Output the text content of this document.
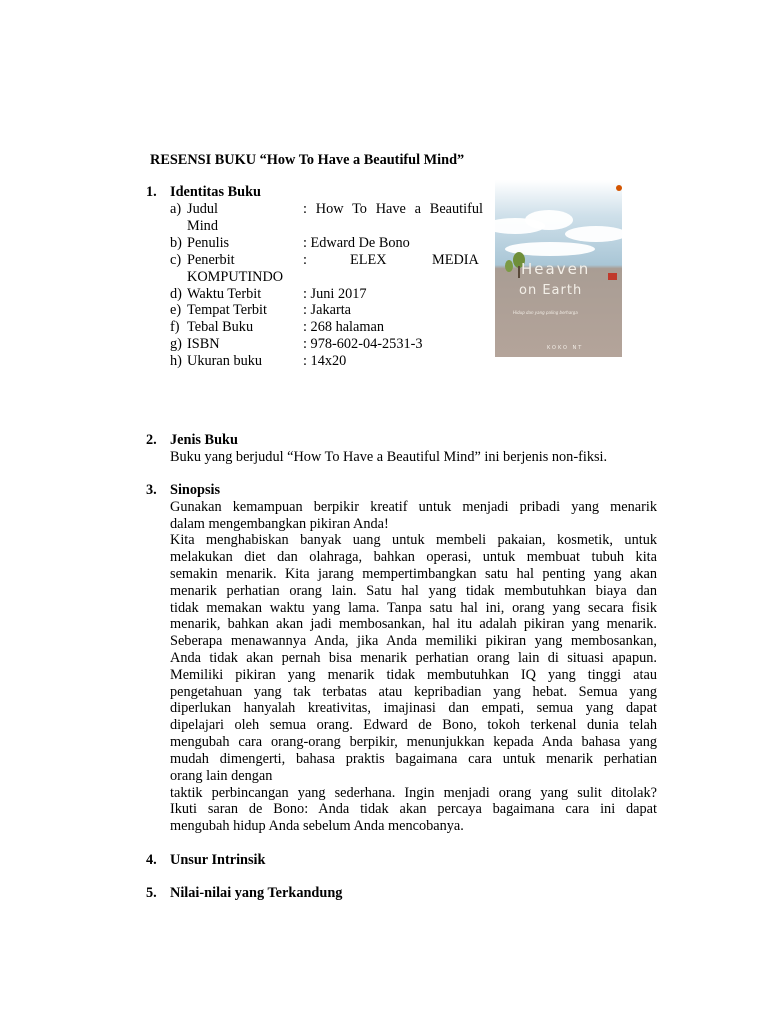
RESENSI BUKU “How To Have a Beautiful Mind”
1. Identitas Buku
a) Judul	: How To Have a Beautiful
Mind
b) Penulis	: Edward De Bono
c) Penerbit	:	ELEX	MEDIA
KOMPUTINDO
d) Waktu Terbit	: Juni 2017
e) Tempat Terbit	: Jakarta
f) Tebal Buku	: 268 halaman
g) ISBN	: 978-602-04-2531-3
h) Ukuran buku	: 14x20
Heaven
on Earth
Hidup dan yang paling berharga
KOKO NT
2. Jenis Buku
Buku yang berjudul “How To Have a Beautiful Mind” ini berjenis non-fiksi.
3. Sinopsis
Gunakan kemampuan berpikir kreatif untuk menjadi pribadi yang menarik
dalam mengembangkan pikiran Anda!
Kita menghabiskan banyak uang untuk membeli pakaian, kosmetik, untuk
melakukan diet dan olahraga, bahkan operasi, untuk membuat tubuh kita
semakin menarik. Kita jarang mempertimbangkan satu hal penting yang akan
menarik perhatian orang lain. Satu hal yang tidak membutuhkan biaya dan
tidak memakan waktu yang lama. Tanpa satu hal ini, orang yang secara fisik
menarik, bahkan akan jadi membosankan, hal itu adalah pikiran yang menarik.
Seberapa menawannya Anda, jika Anda memiliki pikiran yang membosankan,
Anda tidak akan pernah bisa menarik perhatian orang lain di situasi apapun.
Memiliki pikiran yang menarik tidak membutuhkan IQ yang tinggi atau
pengetahuan yang tak terbatas atau kepribadian yang hebat. Semua yang
diperlukan hanyalah kreativitas, imajinasi dan empati, semua yang dapat
dipelajari oleh semua orang. Edward de Bono, tokoh terkenal dunia telah
mengubah cara orang-orang berpikir, menunjukkan kepada Anda bahasa yang
mudah dimengerti, bahasa praktis bagaimana cara untuk menarik perhatian
orang lain dengan
taktik perbincangan yang sederhana. Ingin menjadi orang yang sulit ditolak?
Ikuti saran de Bono: Anda tidak akan percaya bagaimana cara ini dapat
mengubah hidup Anda sebelum Anda mencobanya.
4. Unsur Intrinsik
5. Nilai-nilai yang Terkandung
